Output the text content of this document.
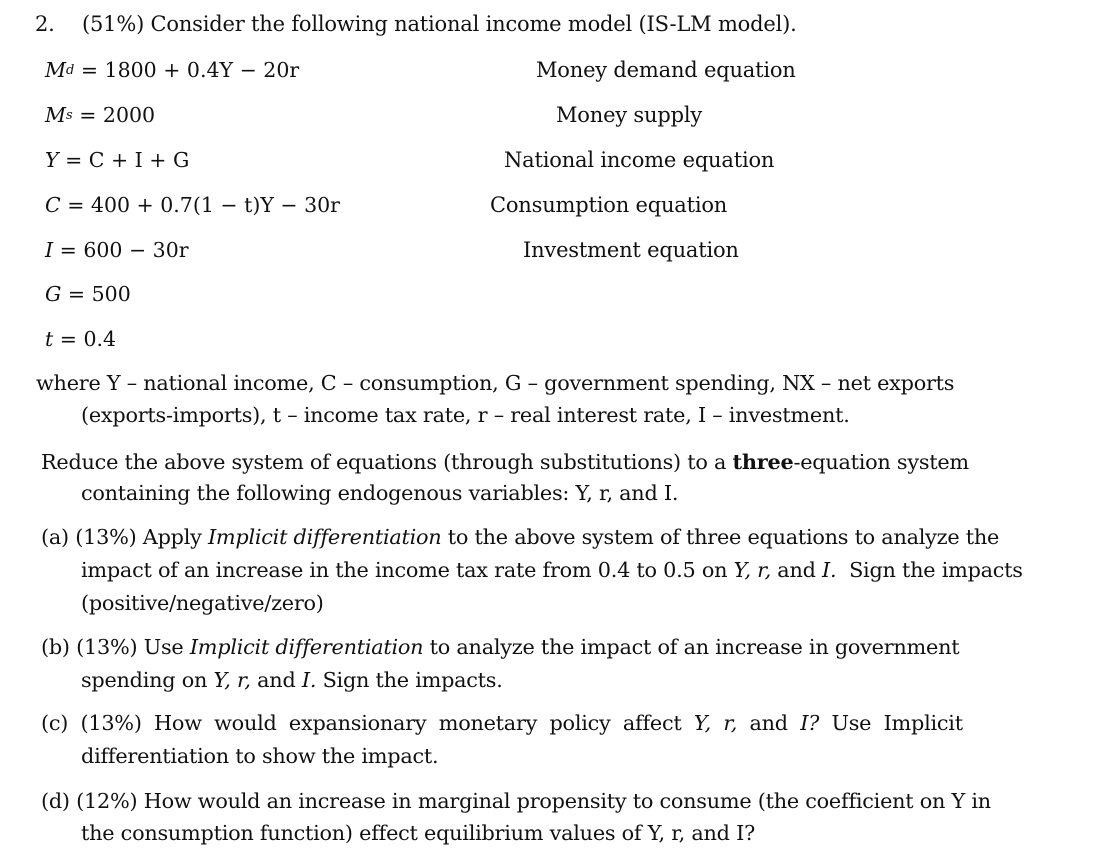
2. (51%) Consider the following national income model (IS-LM model).
$M^d = 1800 + 0.4Y - 20r$	Money demand equation
$M^s = 2000$	Money supply
Y = C + I + G	National income equation
C = 400 + 0.7(1 − t)Y − 30r	Consumption equation
I = 600 − 30r	Investment equation
G = 500
t = 0.4
where Y – national income, C – consumption, G – government spending, NX – net exports
(exports-imports), t – income tax rate, r – real interest rate, I – investment.
Reduce the above system of equations (through substitutions) to a three-equation system
containing the following endogenous variables: Y, r, and I.
(a) (13%) Apply Implicit differentiation to the above system of three equations to analyze the
impact of an increase in the income tax rate from 0.4 to 0.5 on Y, r, and I.  Sign the impacts
(positive/negative/zero)
(b) (13%) Use Implicit differentiation to analyze the impact of an increase in government
spending on Y, r, and I. Sign the impacts.
(c) (13%) How would expansionary monetary policy affect Y, r, and I? Use Implicit
differentiation to show the impact.
(d) (12%) How would an increase in marginal propensity to consume (the coefficient on Y in
the consumption function) effect equilibrium values of Y, r, and I?
